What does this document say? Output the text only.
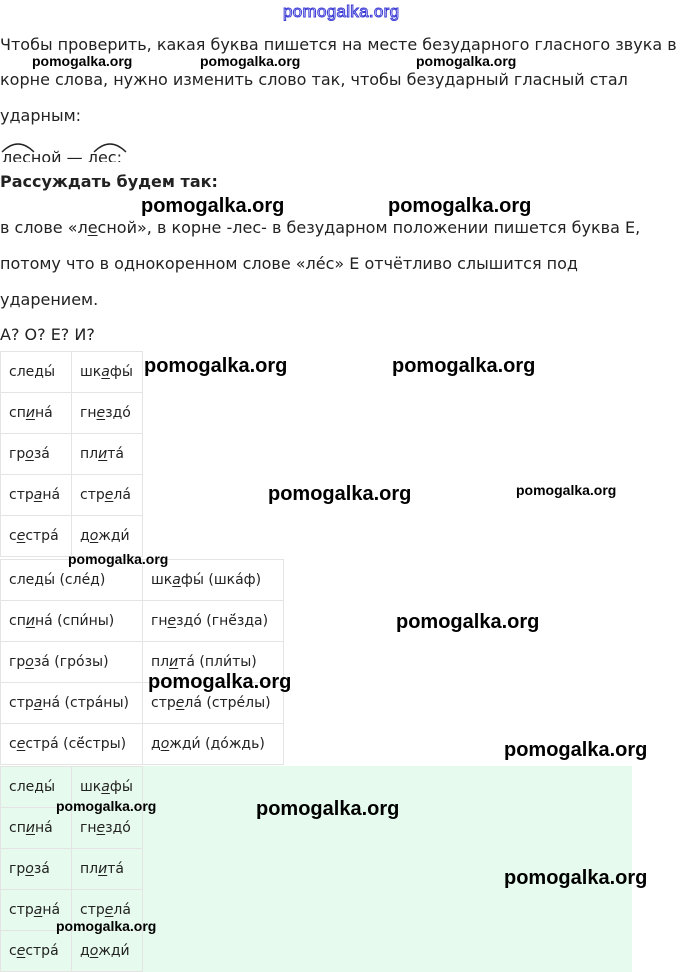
pomogalka.org
Чтобы проверить, какая буква пишется на месте безударного гласного звука в
корне слова, нужно изменить слово так, чтобы безударный гласный стал
ударным:
лесной — лес:
Рассуждать будем так:
в слове «лесной», в корне -лес- в безударном положении пишется буква Е,
потому что в однокоренном слове «ле́с» Е отчётливо слышится под
ударением.
А? О? Е? И?
следы́	шкафы́
спина́	гнездо́
гроза́	плита́
страна́	стрела́
сестра́	дожди́
следы́ (сле́д)	шкафы́ (шка́ф)
спина́ (спи́ны)	гнездо́ (гнё́зда)
гроза́ (гро́зы)	плита́ (пли́ты)
страна́ (стра́ны)	стрела́ (стре́лы)
сестра́ (сё́стры)	дожди́ (до́ждь)
следы́	шкафы́
спина́	гнездо́
гроза́	плита́
страна́	стрела́
сестра́	дожди́
pomogalka.org	pomogalka.org	pomogalka.org
pomogalka.org	pomogalka.org
pomogalka.org	pomogalka.org
pomogalka.org	pomogalka.org
pomogalka.org
pomogalka.org
pomogalka.org
pomogalka.org
pomogalka.org	pomogalka.org
pomogalka.org
pomogalka.org
